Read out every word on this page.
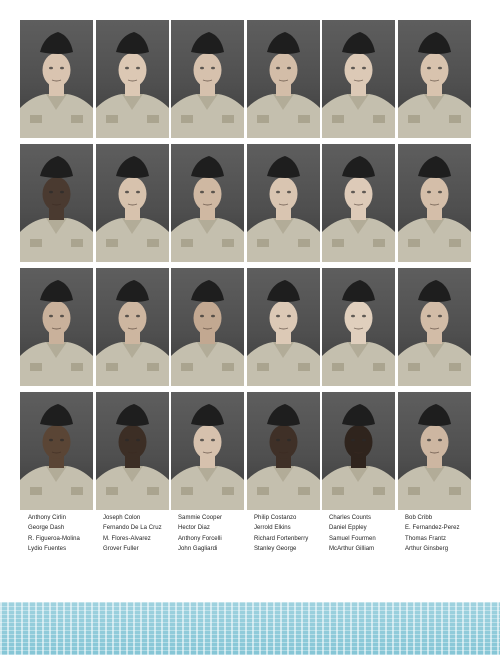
Anthony Cirlin
George Dash
R. Figueroa-Molina
Lydio Fuentes
Joseph Colon
Fernando De La Cruz
M. Flores-Alvarez
Grover Fuller
Sammie Cooper
Hector Diaz
Anthony Forcelli
John Gagliardi
Philip Costanzo
Jerrold Elkins
Richard Fortenberry
Stanley George
Charles Counts
Daniel Eppley
Samuel Fourmen
McArthur Gilliam
Bob Cribb
E. Fernandez-Perez
Thomas Frantz
Arthur Ginsberg
